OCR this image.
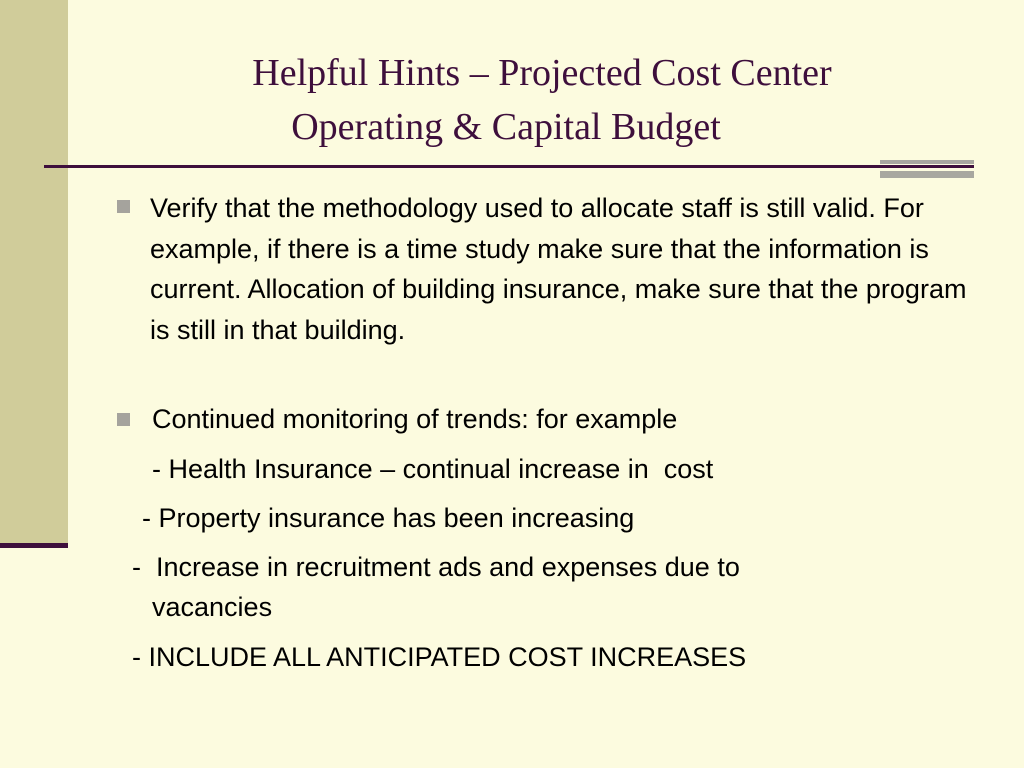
Helpful Hints – Projected Cost Center
Operating & Capital Budget
Verify that the methodology used to allocate staff is still valid. For example, if there is a time study make sure that the information is current. Allocation of building insurance, make sure that the program is still in that building.
Continued monitoring of trends: for example
- Health Insurance – continual increase in  cost
- Property insurance has been increasing
-  Increase in recruitment ads and expenses due to
vacancies
- INCLUDE ALL ANTICIPATED COST INCREASES
